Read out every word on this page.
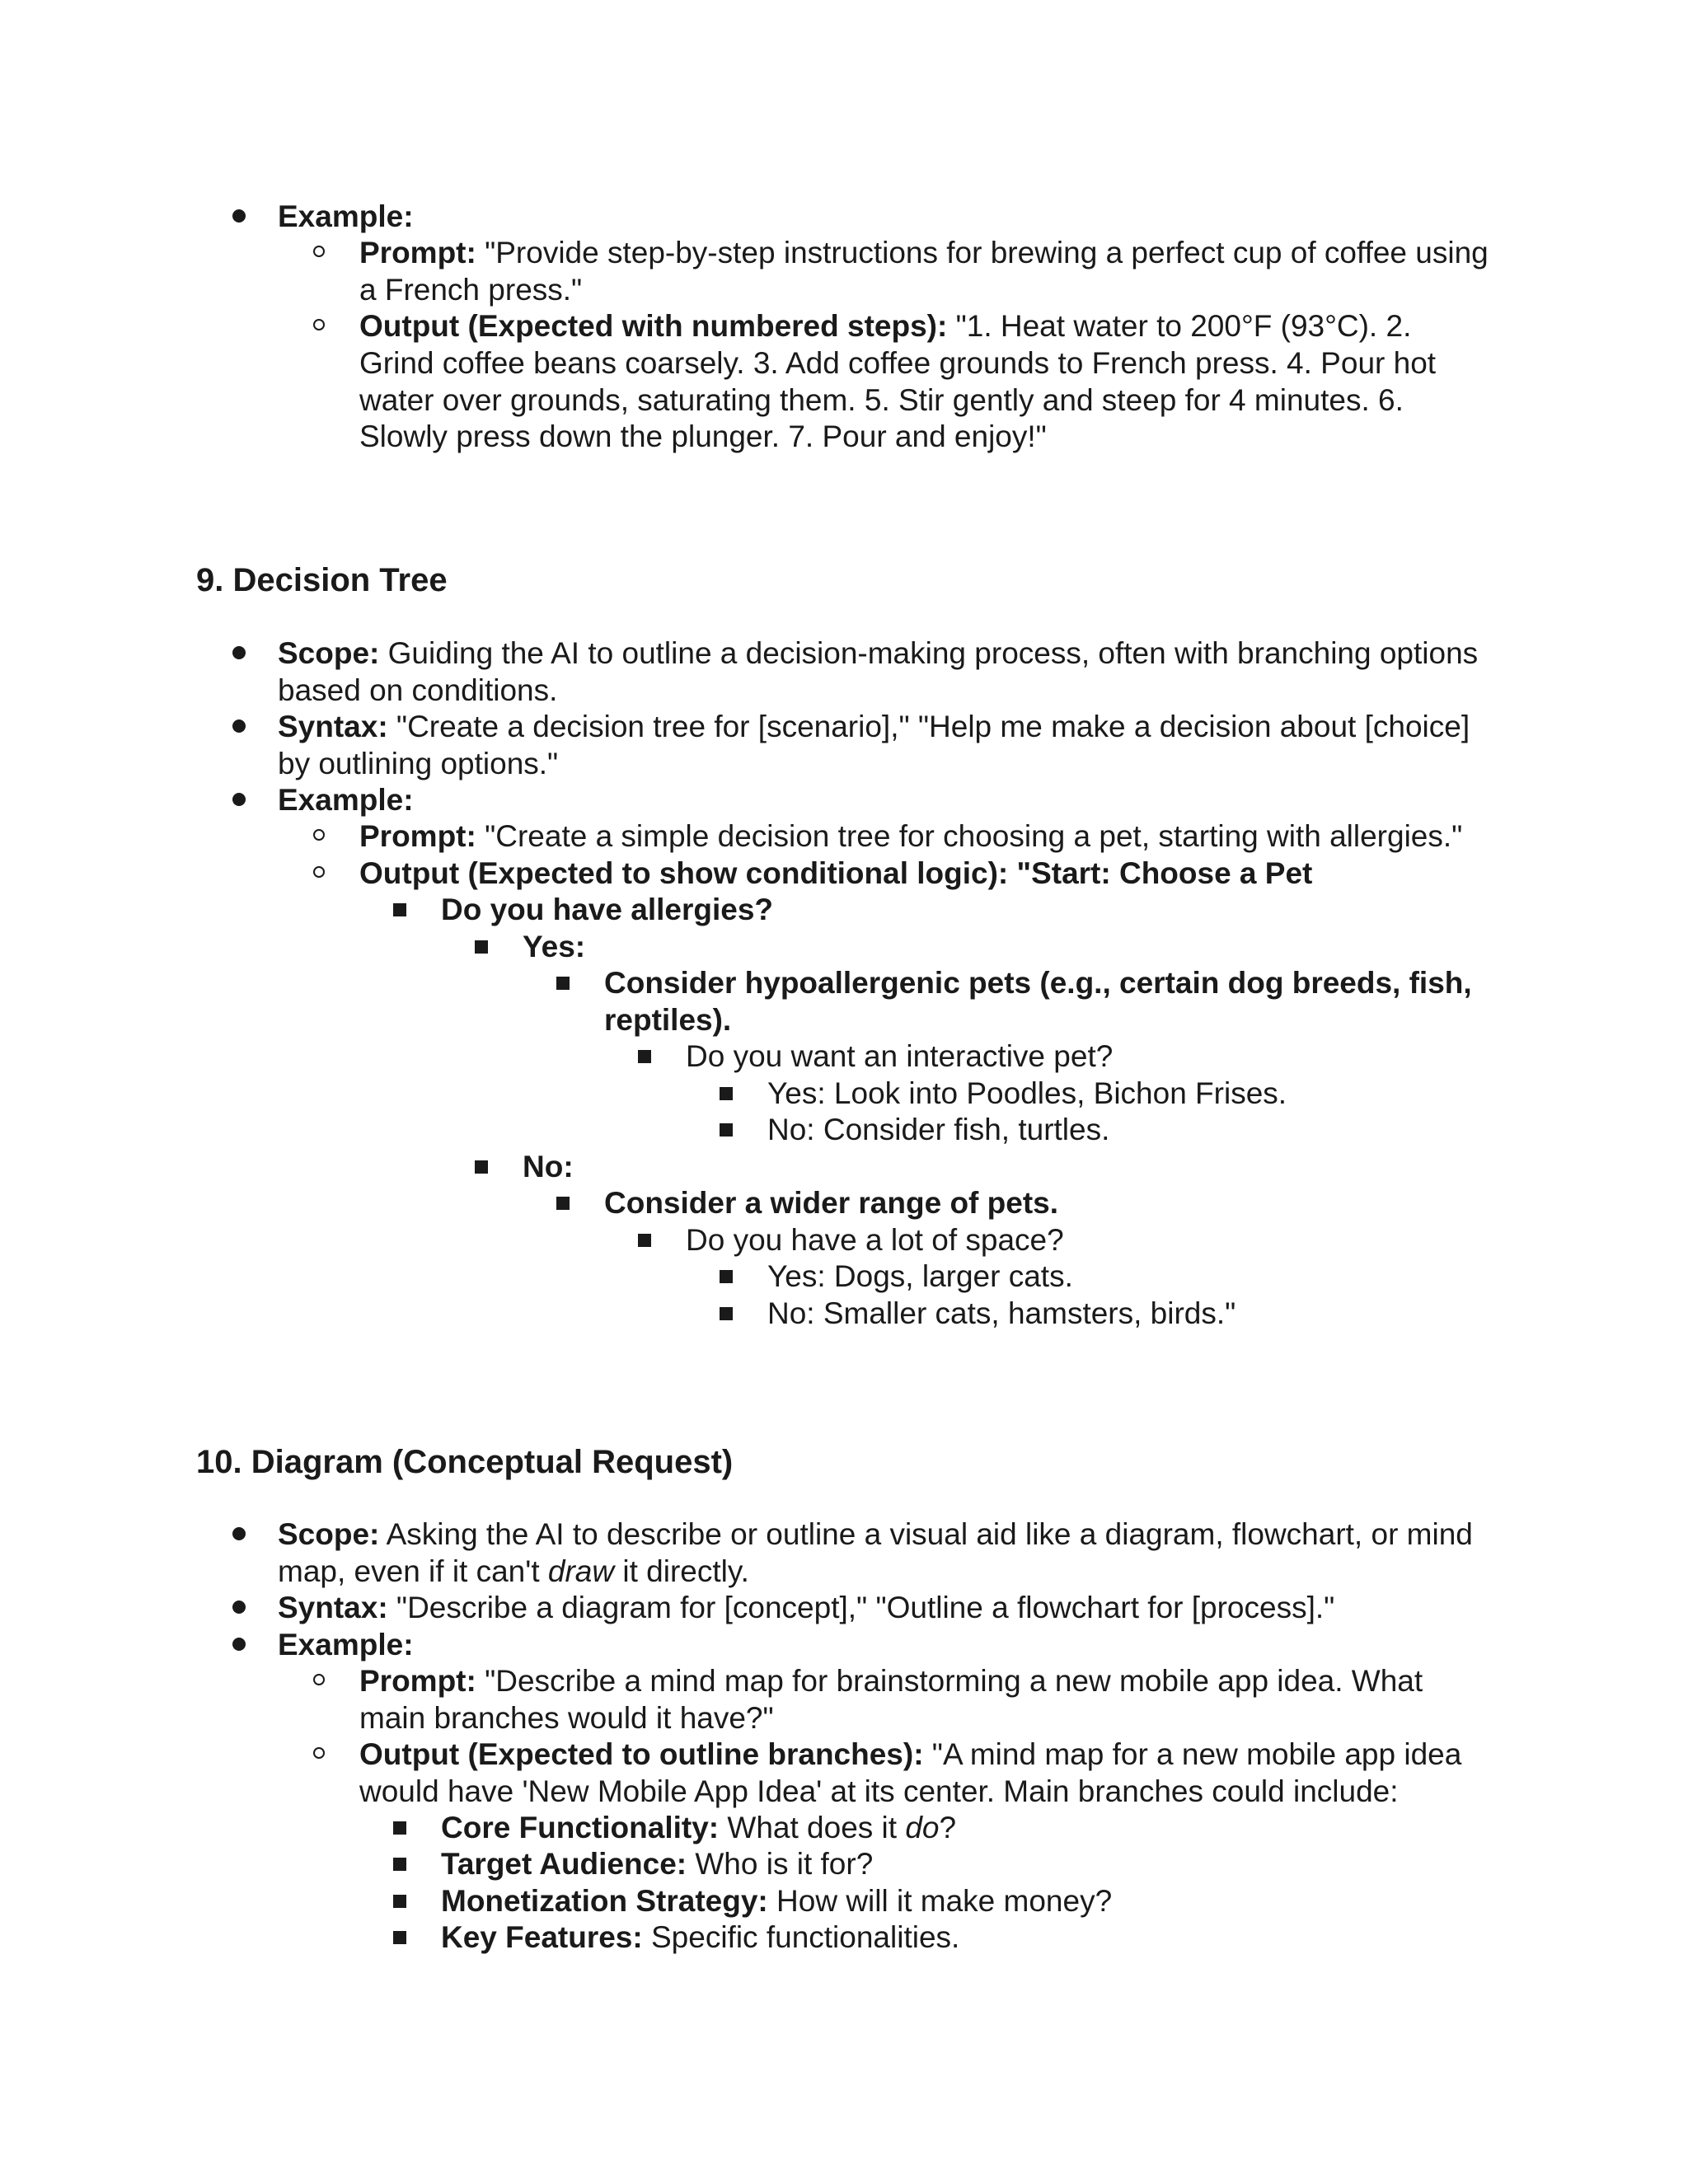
Example:
Prompt: "Provide step-by-step instructions for brewing a perfect cup of coffee using
a French press."
Output (Expected with numbered steps): "1. Heat water to 200°F (93°C). 2.
Grind coffee beans coarsely. 3. Add coffee grounds to French press. 4. Pour hot
water over grounds, saturating them. 5. Stir gently and steep for 4 minutes. 6.
Slowly press down the plunger. 7. Pour and enjoy!"
9. Decision Tree
Scope: Guiding the AI to outline a decision-making process, often with branching options
based on conditions.
Syntax: "Create a decision tree for [scenario]," "Help me make a decision about [choice]
by outlining options."
Example:
Prompt: "Create a simple decision tree for choosing a pet, starting with allergies."
Output (Expected to show conditional logic): "Start: Choose a Pet
Do you have allergies?
Yes:
Consider hypoallergenic pets (e.g., certain dog breeds, fish,
reptiles).
Do you want an interactive pet?
Yes: Look into Poodles, Bichon Frises.
No: Consider fish, turtles.
No:
Consider a wider range of pets.
Do you have a lot of space?
Yes: Dogs, larger cats.
No: Smaller cats, hamsters, birds."
10. Diagram (Conceptual Request)
Scope: Asking the AI to describe or outline a visual aid like a diagram, flowchart, or mind
map, even if it can't draw it directly.
Syntax: "Describe a diagram for [concept]," "Outline a flowchart for [process]."
Example:
Prompt: "Describe a mind map for brainstorming a new mobile app idea. What
main branches would it have?"
Output (Expected to outline branches): "A mind map for a new mobile app idea
would have 'New Mobile App Idea' at its center. Main branches could include:
Core Functionality: What does it do?
Target Audience: Who is it for?
Monetization Strategy: How will it make money?
Key Features: Specific functionalities.
